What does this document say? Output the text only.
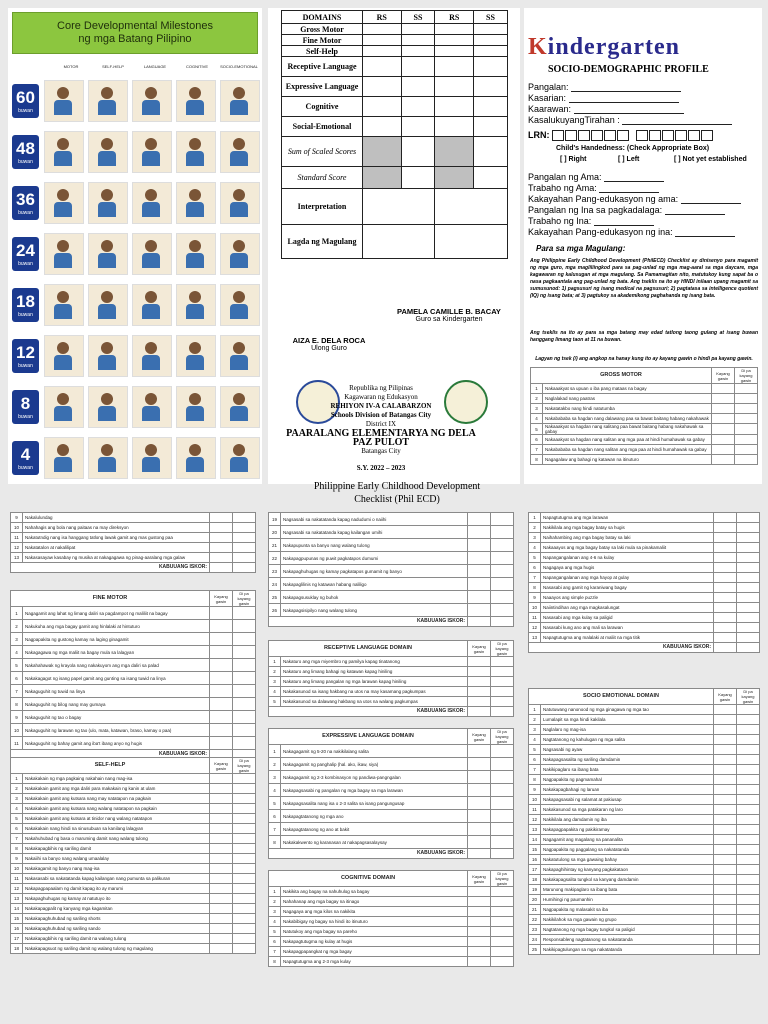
Core Developmental Milestones
ng mga Batang Pilipino
MOTOR	SELF-HELP	LANGUAGE	COGNITIVE	SOCIO-EMOTIONAL
60
buwan
48
buwan
36
buwan
24
buwan
18
buwan
12
buwan
8
buwan
4
buwan
DOMAINS	RS	SS	RS	SS
Gross Motor				
Fine Motor				
Self-Help				
Receptive Language				
Expressive Language				
Cognitive				
Social-Emotional				
Sum of Scaled Scores				
Standard Score				
Interpretation				
Lagda ng Magulang				
PAMELA CAMILLE B. BACAY
Guro sa Kindergarten
AIZA E. DELA ROCA
Ulong Guro
Republika ng Pilipinas
Kagawaran ng Edukasyon
REHIYON IV-A CALABARZON
Schools Division of Batangas City
District IX
PAARALANG ELEMENTARYA NG DELA PAZ PULOT
Batangas City
S.Y. 2022 – 2023
Philippine Early Childhood Development
Checklist (Phil ECD)
Kindergarten
SOCIO-DEMOGRAPHIC PROFILE
Pangalan:
Kasarian:
Kaarawan:
KasalukuyangTirahan :
LRN:
Child's Handedness: (Check Appropriate Box)
[ ] Right	[ ] Left	[ ] Not yet established
Pangalan ng Ama:
Trabaho ng Ama:
Kakayahan Pang-edukasyon ng ama:
Pangalan ng Ina sa pagkadalaga:
Trabaho ng Ina:
Kakayahan Pang-edukasyon ng ina:
Para sa mga Magulang:
Ang Philippine Early Childhood Development (PhilECD) Checklist ay dinisenyo para magamit ng mga guro, mga magliliingkod para sa pag-unlad ng mga mag-aaral sa mga daycare, mga kagawaran ng kalusugan at mga magulang. Sa Pamamagitan nito, matutukoy kung sapat ba o nasa pagkaantala ang pag-unlad ng bata. Ang tseklis na ito ay HINDI inilaan upang magamit sa sumusunod: 1) pagsusuri ng isang medical na pagsusuri; 2) pagtatasa sa intelligence quotient (IQ) ng isang bata; at 3) pagtukoy sa akademikong paghahanda ng isang bata.
Ang tseklis na ito ay para sa mga batang may edad tatlong taong gulang at isang buwan hanggang limang taon at 11 na buwan.
Lagyan ng tsek (/) ang angkop na hanay kung ito ay kayang gawin o hindi pa kayang gawin.
GROSS MOTOR		Kayang gawin	Di pa kayang gawin
1	Nakaaakyat sa upuan o iba pang mataas na bagay		
2	Naglalakad nang paatras		
3	Nakatatakbo nang hindi natutumba		
4	Nakabababa sa hagdan nang dalawang paa sa bawat baitang habang nakahawak		
5	Nakaaakyat sa hagdan nang salitang paa bawat baitang habang nakahawak sa gabay		
6	Nakaaakyat sa hagdan nang salitan ang mga paa at hindi humahawak sa gabay		
7	Nakabababa sa hagdan nang salitan ang mga paa at hindi humahawak sa gabay		
8	Nagagalaw ang bahagi ng katawan na itinuturo		
9	Nakalulundag		
10	Nahahagis ang bola nang paitaas na may direksyon		
11	Nakatutndig nang isa hanggang tatlong lawak gamit ang mas gustong paa		
12	Nakatatalon at nakalilipat		
13	Nakasasayaw kasabay ng musika at nakagagawa ng pinag-aaralang mga galaw		
KABUUANG ISKOR:			
FINE MOTOR		Kayang gawin	Di pa kayang gawin
1	Nagagamit ang lahat ng limang daliri sa pagdampot ng maliliit na bagay		
2	Nakukuha ang mga bagay gamit ang hinlalaki at hintuturo		
3	Nagpapakita ng gustong kamay na laging ginagamit		
4	Nakagagawa ng mga maliit na bagay mula sa lalagyan		
5	Nakahahawak ng krayola nang nakakuyom ang mga daliri sa palad		
6	Nakakagagot ng isang papel gamit ang gunting sa isang tuwid na linya		
7	Nakaguguhit ng tuwid na linya		
8	Nakaguguhit ng bilog nang may gumaya		
9	Nakaguguhit ng tao o bagay		
10	Nakaguguhit ng larawan ng tao (ulo, mata, katawan, braso, kamay o paa)		
11	Nakaguguhit ng bahay gamit ang iba't ibang anyo ng hugis		
KABUUANG ISKOR:			
SELF-HELP		Kayang gawin	Di pa kayang gawin
1	Nakakakain ng mga pagkaing nakahain nang mag-isa		
2	Nakakakain gamit ang mga daliri para makakain ng kanin at ulam		
3	Nakakakain gamit ang kutsara nang may natatapon na pagkain		
4	Nakakakain gamit ang kutsara nang walang natatapon na pagkain		
5	Nakakakain gamit ang kutsara at tinidor nang walang natatapon		
6	Nakakakain nang hindi na sinusubuan sa kanilang lalagyan		
7	Nakahuhubad ng basa o maruming damit nang walang tulong		
8	Nakakapagbihis ng sariling damit		
9	Nakaiihi sa banyo nang walang umaalalay		
10	Nakakagamit ng banyo nang mag-isa		
11	Nakasasabi sa nakatatanda kapag kailangan nang pumunta sa palikuran		
12	Nakapagpapaalam ng damit kapag ito ay marumi		
13	Nakapaghuhugas ng kamay at natutuyo ito		
14	Nakakapagpalit ng kanyang mga kagamitan		
15	Nakakapaghuhubad ng sariling shorts		
16	Nakakapaghuhubad ng sariling sando		
17	Nakakapagbihis ng sariling damit na walang tulong		
18	Nakakapagsuot ng sariling damit ng walang tulong ng magulang		
19	Nagsasabi sa nakatatanda kapag nadudumi o naiihi		
20	Nagsasabi sa nakatatanda kapag kailangan umihi		
21	Nakapupunta sa banyo nang walang tulong		
22	Nakapagpupunas ng puwit pagkatapos dumumi		
23	Nakapaghuhugas ng kamay pagkatapos gumamit ng banyo		
24	Nakapaglilinis ng katawan habang naliligo		
25	Nakapagsusuklay ng buhok		
26	Nakapagsisipilyo nang walang tulong		
KABUUANG ISKOR:			
RECEPTIVE LANGUAGE DOMAIN		Kayang gawin	Di pa kayang gawin
1	Nakaturo ang mga miyembro ng pamilya kapag tinatanong		
2	Nakaturo ang limang bahagi ng katawan kapag hiniling		
3	Nakaturo ang limang pangalan ng mga larawan kapag hiniling		
4	Nakakasunod sa isang hakbang na utos na may kasamang pagkumpas		
5	Nakakasunod sa dalawang hakbang na utos na walang pagkumpas		
KABUUANG ISKOR:			
EXPRESSIVE LANGUAGE DOMAIN		Kayang gawin	Di pa kayang gawin
1	Nakagagamit ng 5-20 na nakikilalang salita		
2	Nakagagamit ng panghalip (hal. ako, ikaw, siya)		
3	Nakagagamit ng 2-3 kombinasyon ng pandiwa-pangngalan		
4	Nakapagsasabi ng pangalan ng mga bagay sa mga larawan		
5	Nakapagsasalita nang isa o 2-3 salita sa isang pangungusap		
6	Nakapagtatanong ng mga ano		
7	Nakapagtatanong ng ano at bakit		
8	Nakakakwento ng karanasan at nakapagsasalaysay		
KABUUANG ISKOR:			
COGNITIVE DOMAIN		Kayang gawin	Di pa kayang gawin
1	Nakikita ang bagay na nahuhulog sa bagay		
2	Nahahanap ang mga bagay na itinago		
3	Nagagaya ang mga kilos na nakikita		
4	Nakabibigay ng bagay na hindi ito itinuturo		
5	Natutukoy ang mga bagay na pareho		
6	Nakapagtutugma ng kulay at hugis		
7	Nakapagpapangkat ng mga bagay		
8	Napagtutugma ang 2-3 mga kulay		
1	Napagtutugma ang mga larawan		
2	Nakikilala ang mga bagay batay sa hugis		
3	Naihahambing ang mga bagay batay sa laki		
4	Nakaaayos ang mga bagay batay sa laki mula sa pinakamaliit		
5	Napangangalanan ang 4-6 na kulay		
6	Nagagaya ang mga hugis		
7	Napangangalanan ang mga hayop at gulay		
8	Nasasabi ang gamit ng karaniwang bagay		
9	Naaayos ang simple puzzle		
10	Naiintindihan ang mga magkasalungat		
11	Nasasabi ang mga kulay sa paligid		
12	Nasasabi kung ano ang mali sa larawan		
13	Napagtutugma ang malalaki at maliit na mga titik		
KABUUANG ISKOR:			
SOCIO EMOTIONAL DOMAIN		Kayang gawin	Di pa kayang gawin
1	Natutuwang nanonood ng mga ginagawa ng mga tao		
2	Lumalapit sa mga hindi kakilala		
3	Naglalaro ng mag-isa		
4	Nagtatanong ng kahulugan ng mga salita		
5	Nagsasabi ng ayaw		
6	Nakapagsasalita ng sariling damdamin		
7	Nakikipaglaro sa ibang bata		
8	Nagpapakita ng pagmamahal		
9	Nakakapagbahagi ng laruan		
10	Nakapagsasabi ng salamat at pakiusap		
11	Nakakasunod sa mga patakaran ng laro		
12	Nakikilala ang damdamin ng iba		
13	Nakapagpapakita ng pakikiramay		
14	Nagagamit ang magalang na pananalita		
15	Nagpapakita ng paggalang sa nakatatanda		
16	Nakatutulong sa mga gawaing bahay		
17	Nakapaghihintay ng kanyang pagkakataon		
18	Nakakapagsalita tungkol sa kanyang damdamin		
19	Marunong makipaglaro sa ibang bata		
20	Humihingi ng paumanhin		
21	Nagpapakita ng malasakit sa iba		
22	Nakikilahok sa mga gawain ng grupo		
23	Nagtatanong ng mga bagay tungkol sa paligid		
24	Responsableng nagtatanong sa nakatatanda		
25	Nakikipagtulungan sa mga nakatatanda		
